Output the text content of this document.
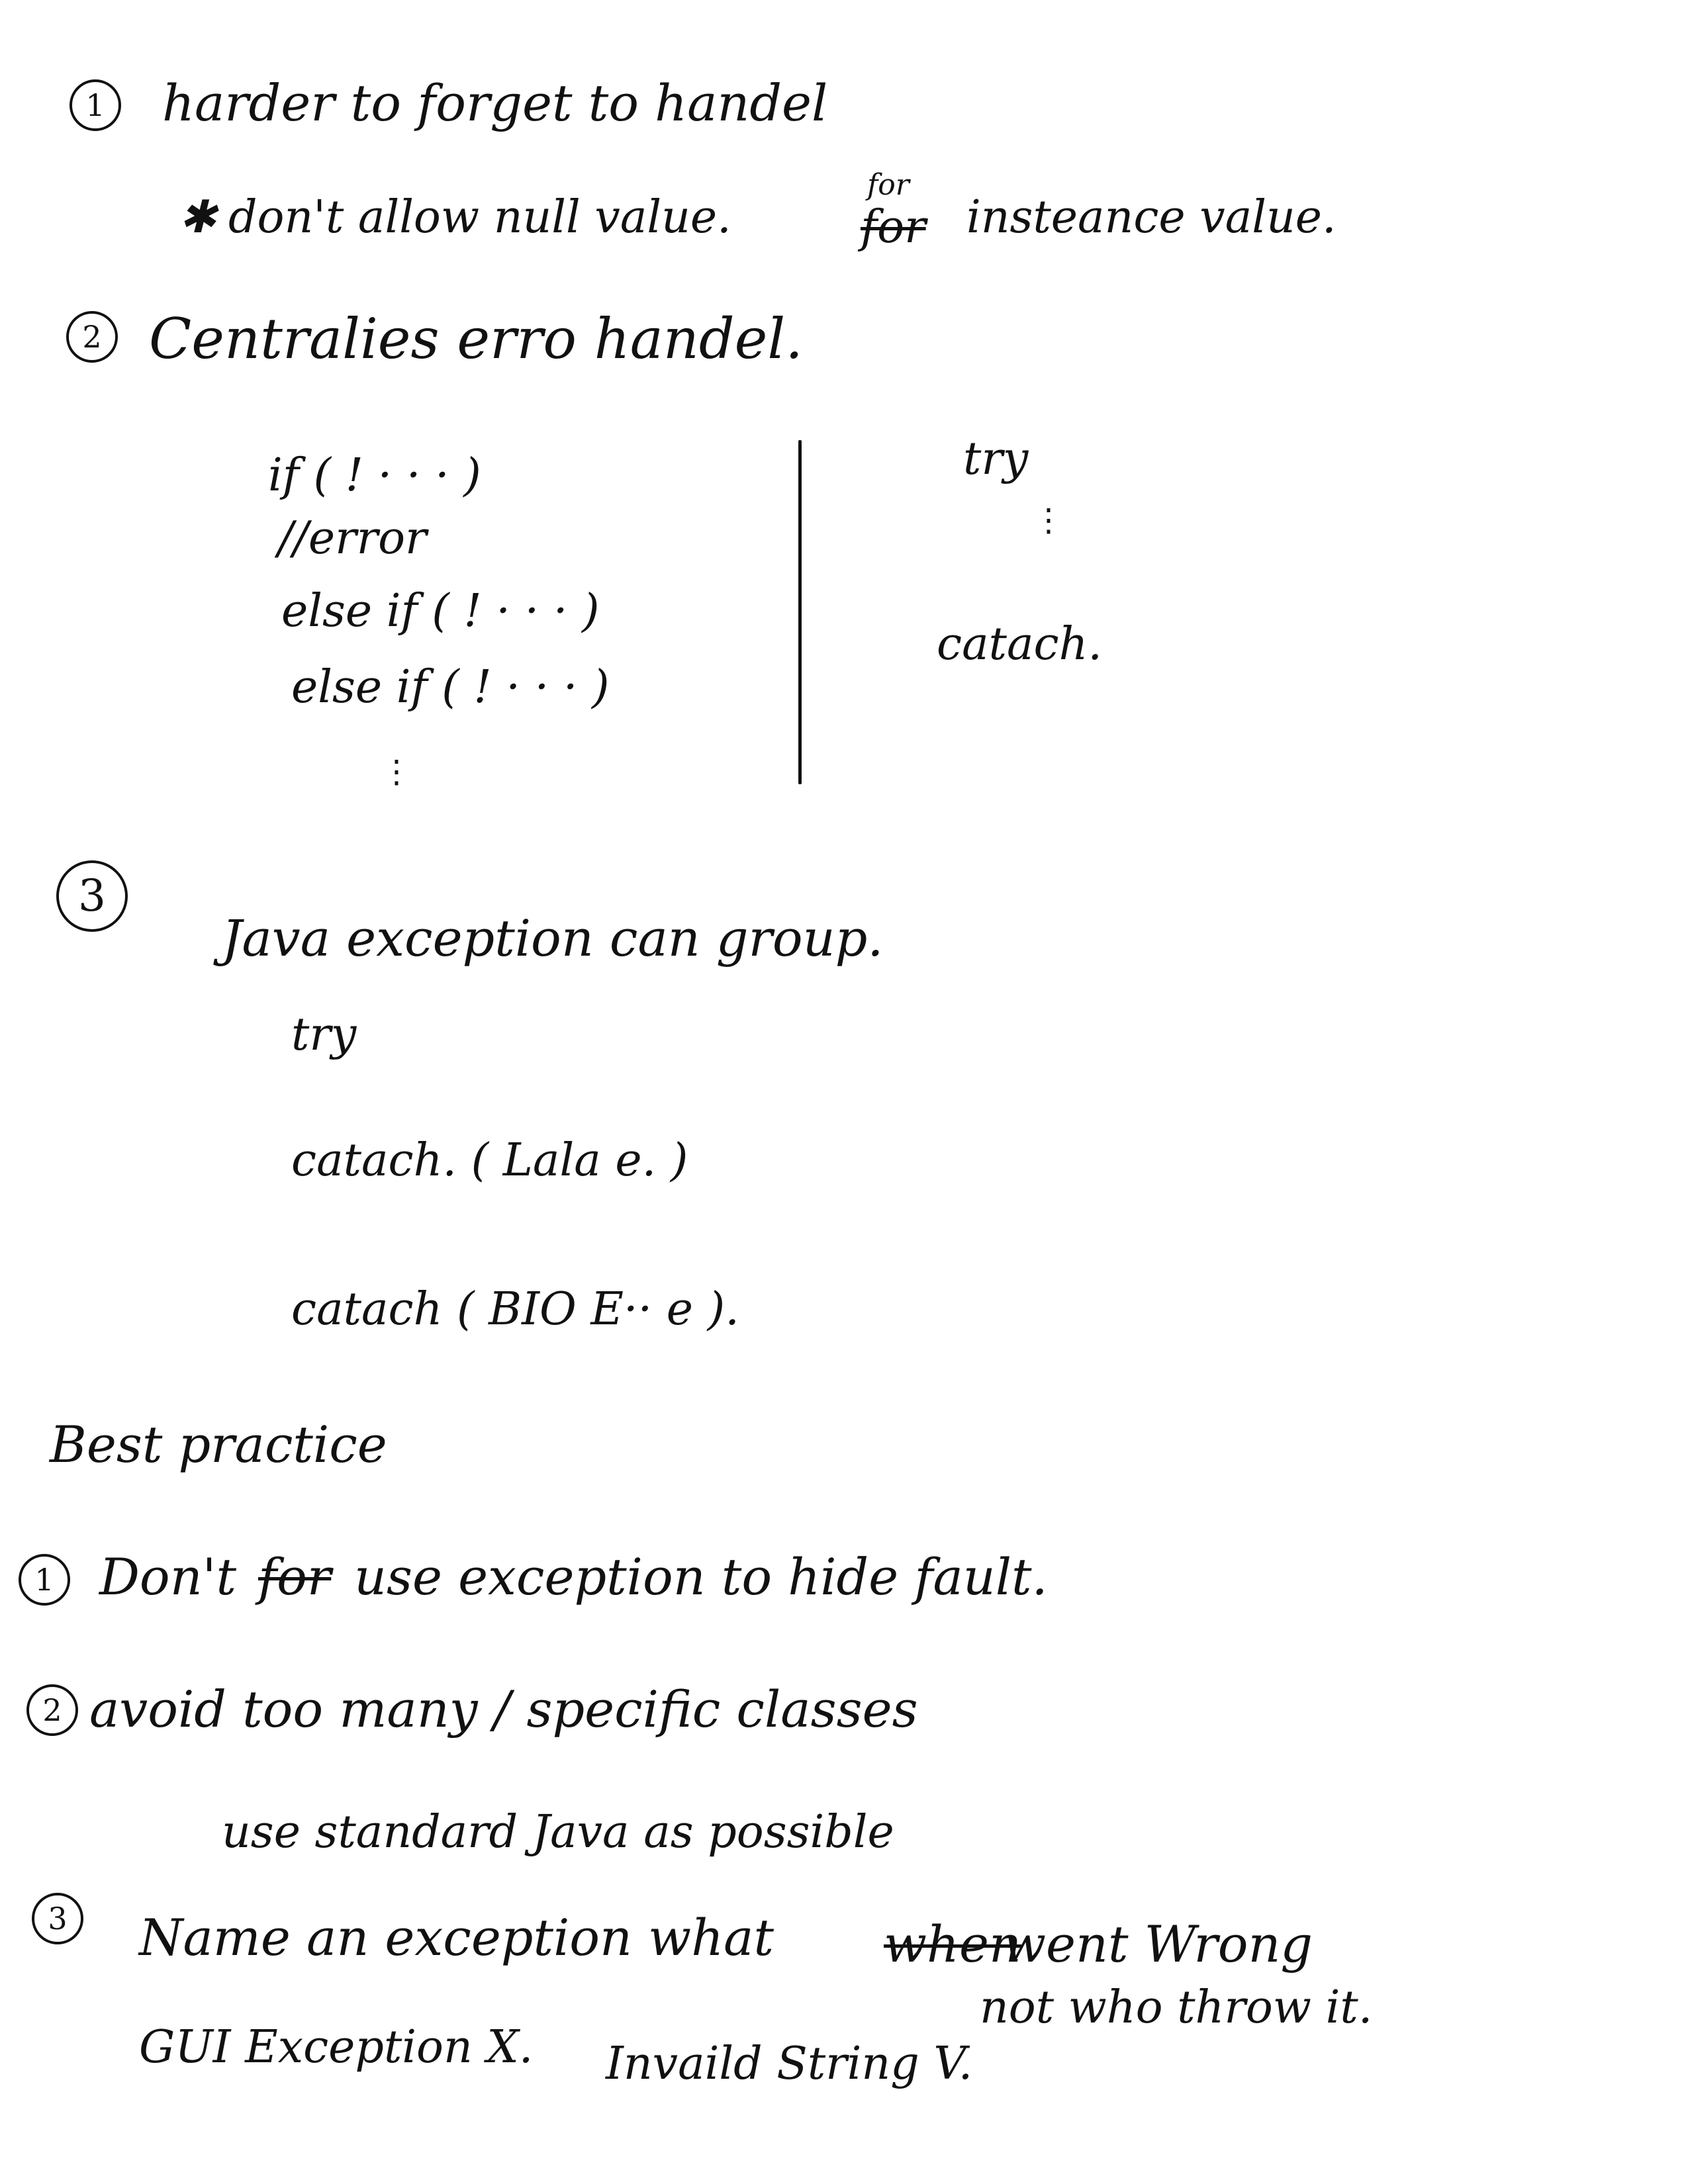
1	harder to forget to handel
✱ don't allow null value.
for
for insteance value.
2 Centralies erro handel.
if ( ! · · · )
//error
else if ( ! · · · )
else if ( ! · · · )
⋮
try
⋮
catach.
3
Java exception can group.
try
catach. ( Lala e. )
catach ( BIO E·· e ).
Best practice
1 Don't for use exception to hide fault.
2 avoid too many / specific classes
use standard Java as possible
3	Name an exception what when
went Wrong
not who throw it.
GUI Exception X. Invaild String V.
